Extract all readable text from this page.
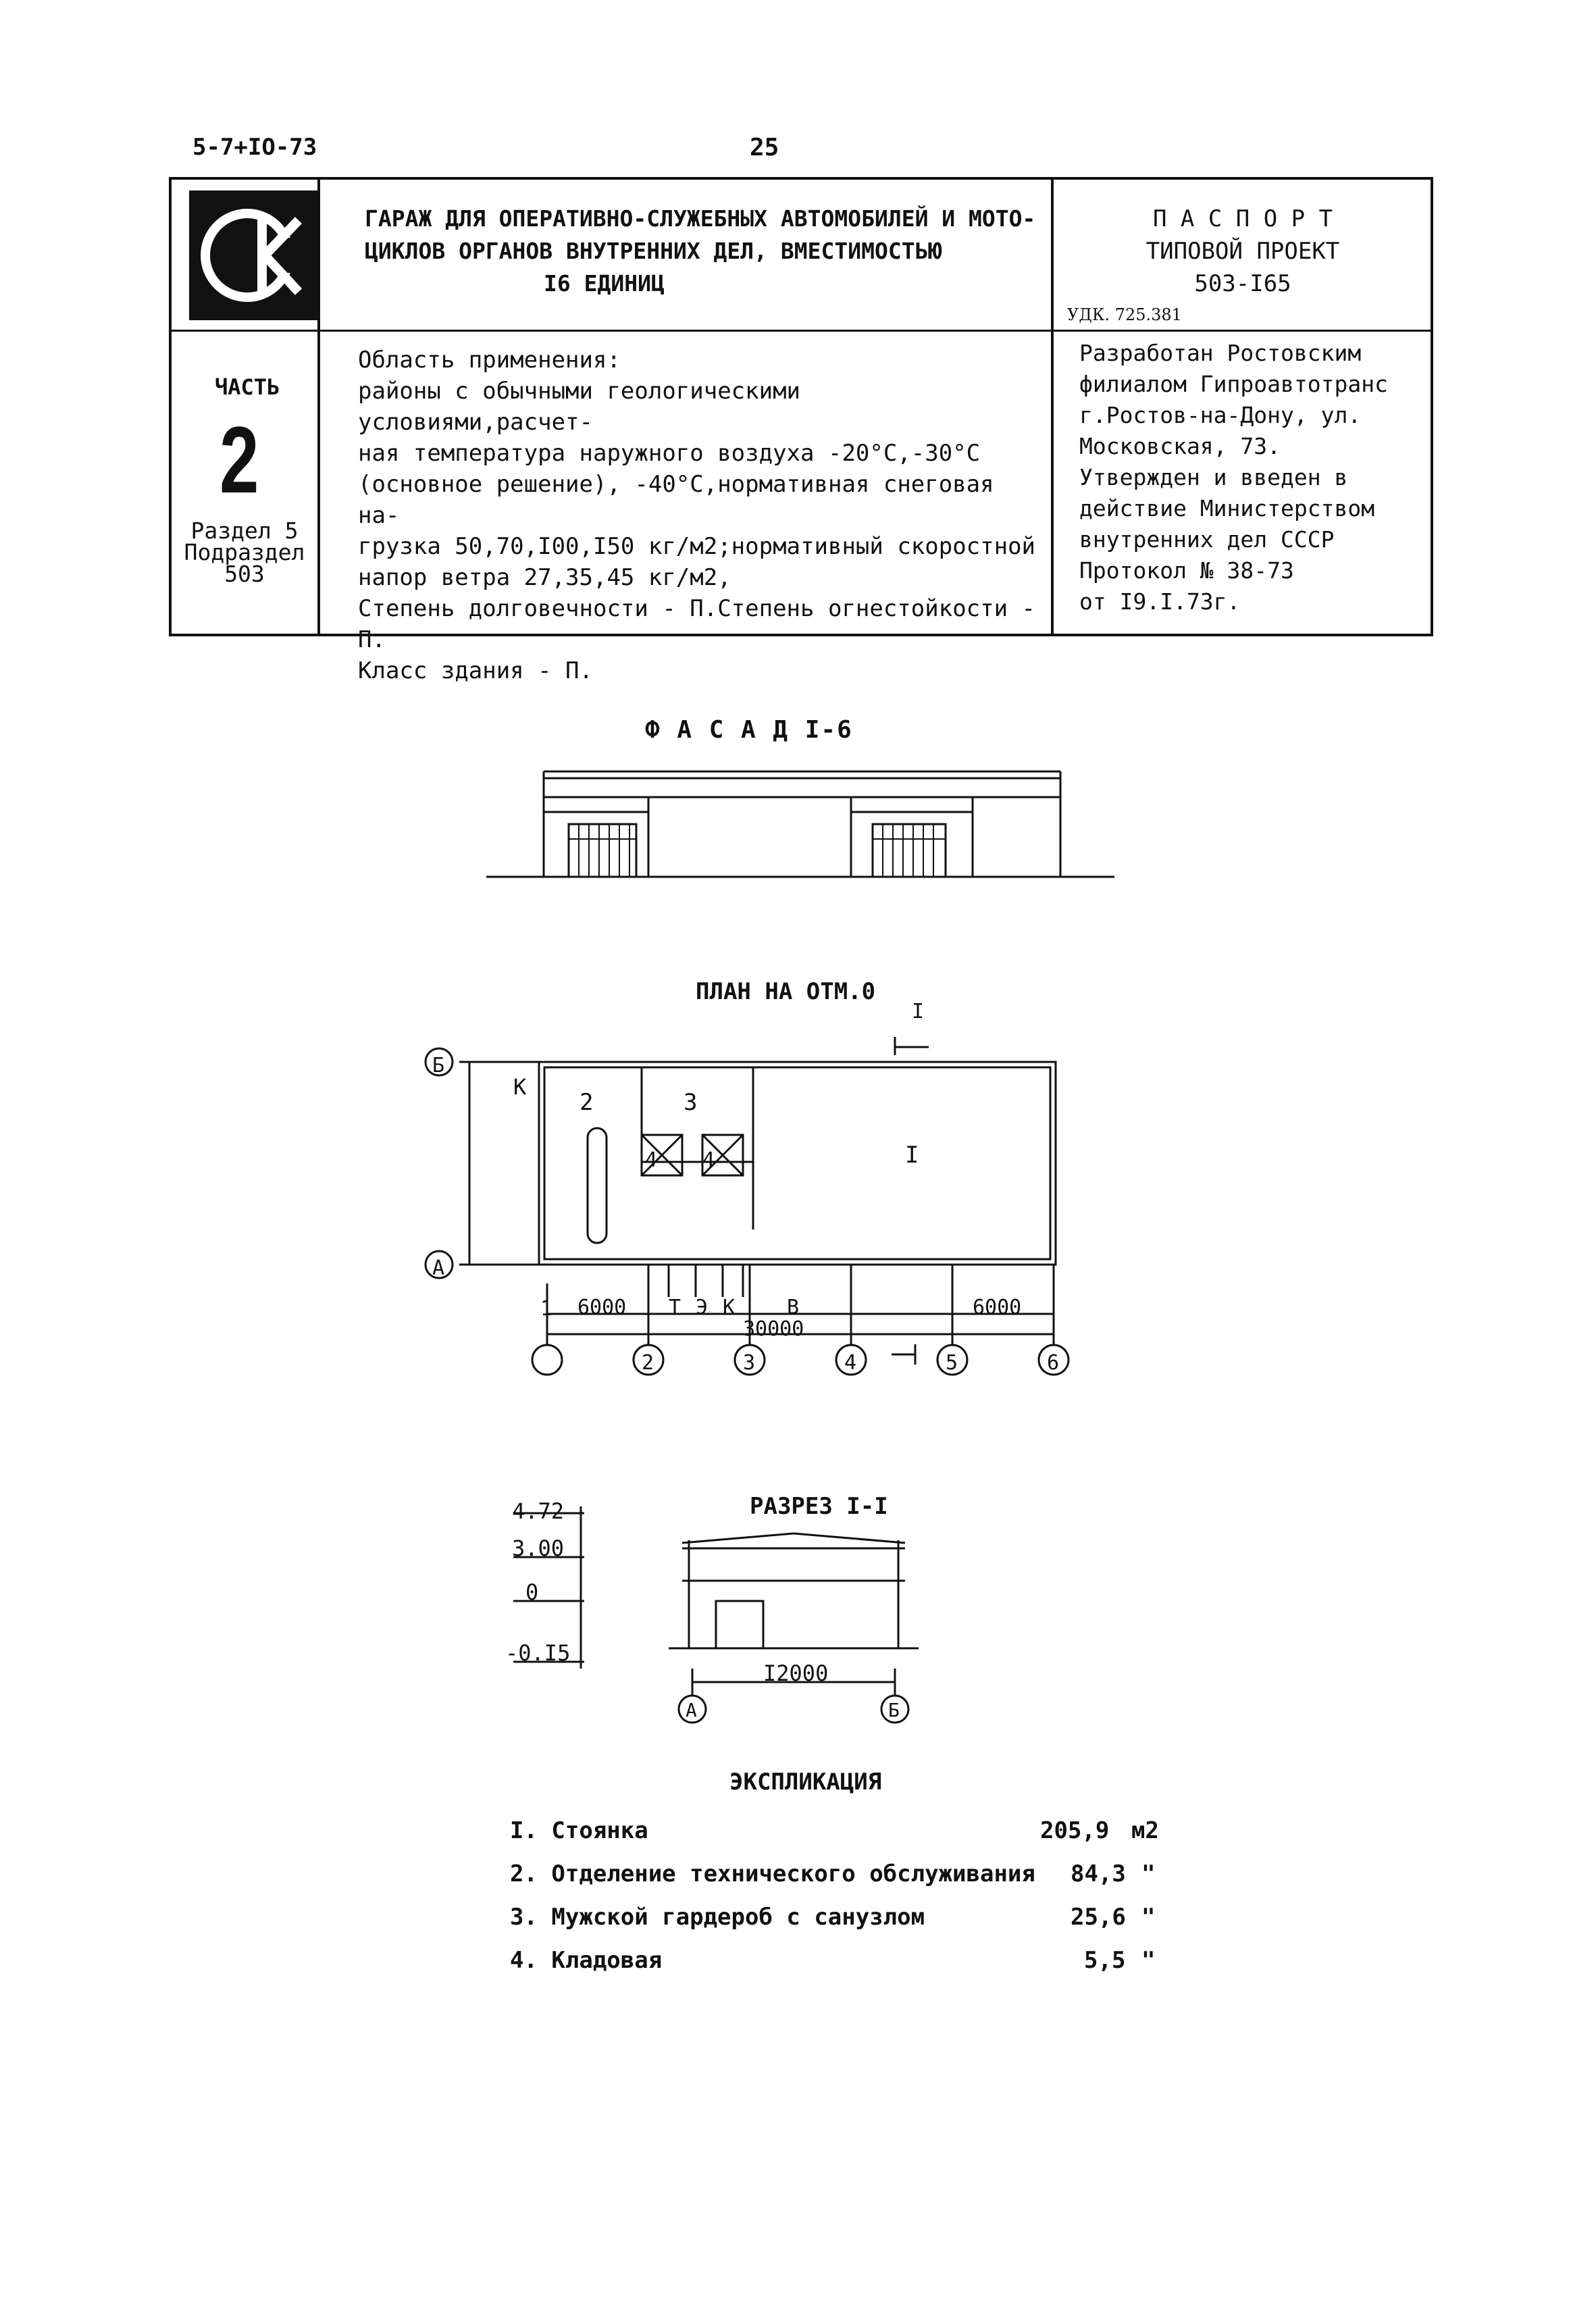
5-7+IO-73	25
ГАРАЖ ДЛЯ ОПЕРАТИВНО-СЛУЖЕБНЫХ АВТОМОБИЛЕЙ И МОТО-
ЦИКЛОВ ОРГАНОВ ВНУТРЕННИХ ДЕЛ, ВМЕСТИМОСТЬЮ
I6 ЕДИНИЦ
П А С П О Р Т
ТИПОВОЙ ПРОЕКТ
503-I65
УДК. 725.381
ЧАСТЬ
2
Раздел 5
Подраздел
503
Область применения:
районы с обычными геологическими условиями,расчет-
ная температура наружного воздуха -20°С,-30°С
(основное решение), -40°С,нормативная снеговая на-
грузка 50,70,I00,I50 кг/м2;нормативный скоростной
напор ветра 27,35,45 кг/м2,
Степень долговечности - П.Степень огнестойкости - П.
Класс здания - П.
Разработан Ростовским
филиалом Гипроавтотранс
г.Ростов-на-Дону, ул.
Московская, 73.
Утвержден и введен в
действие Министерством
внутренних дел СССР
Протокол № 38-73
от I9.I.73г.
Ф А С А Д I-6
ПЛАН НА ОТМ.0
Б
А
1
2	3	4	5	6
I
К
2	3
4 4	I
Т Э К	В
6000	6000
30000
РАЗРЕЗ I-I
4.72
3.00
0
-0.I5
I2000
А	Б
ЭКСПЛИКАЦИЯ
I. Стоянка	205,9 м2
2. Отделение технического обслуживания 84,3 "
3. Мужской гардероб с санузлом	25,6 "
4. Кладовая	5,5 "
